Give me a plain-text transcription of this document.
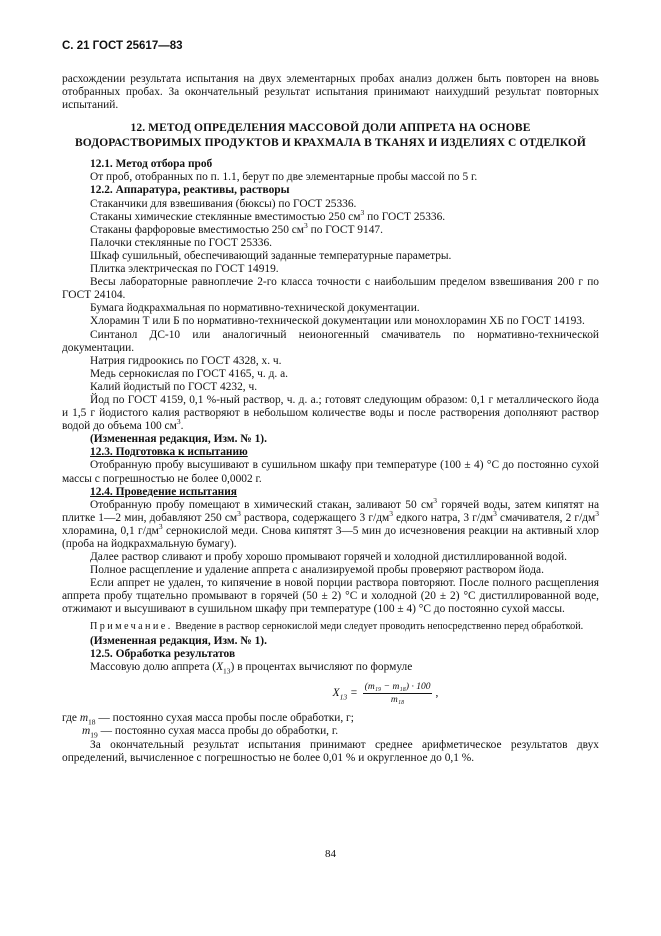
С. 21 ГОСТ 25617—83

расхождении результата испытания на двух элементарных пробах анализ должен быть повторен на вновь отобранных пробах. За окончательный результат испытания принимают наихудший результат повторных испытаний.

12. МЕТОД ОПРЕДЕЛЕНИЯ МАССОВОЙ ДОЛИ АППРЕТА НА ОСНОВЕ
ВОДОРАСТВОРИМЫХ ПРОДУКТОВ И КРАХМАЛА В ТКАНЯХ И ИЗДЕЛИЯХ С ОТДЕЛКОЙ

12.1. Метод отбора проб

От проб, отобранных по п. 1.1, берут по две элементарные пробы массой по 5 г.

12.2. Аппаратура, реактивы, растворы

Стаканчики для взвешивания (бюксы) по ГОСТ 25336.

Стаканы химические стеклянные вместимостью 250 $см^3$ по ГОСТ 25336.

Стаканы фарфоровые вместимостью 250 $см^3$ по ГОСТ 9147.

Палочки стеклянные по ГОСТ 25336.

Шкаф сушильный, обеспечивающий заданные температурные параметры.

Плитка электрическая по ГОСТ 14919.

Весы лабораторные равноплечие 2-го класса точности с наибольшим пределом взвешивания 200 г по ГОСТ 24104.

Бумага йодкрахмальная по нормативно-технической документации.

Хлорамин Т или Б по нормативно-технической документации или монохлорамин ХБ по ГОСТ 14193.

Синтанол ДС-10 или аналогичный неионогенный смачиватель по нормативно-технической документации.

Натрия гидроокись по ГОСТ 4328, х. ч.

Медь сернокислая по ГОСТ 4165, ч. д. а.

Калий йодистый по ГОСТ 4232, ч.

Йод по ГОСТ 4159, 0,1 %-ный раствор, ч. д. а.; готовят следующим образом: 0,1 г металлического йода и 1,5 г йодистого калия растворяют в небольшом количестве воды и после растворения дополняют раствор водой до объема 100 $см^3$.

(Измененная редакция, Изм. № 1).

12.3. Подготовка к испытанию

Отобранную пробу высушивают в сушильном шкафу при температуре (100 ± 4) °С до постоянно сухой массы с погрешностью не более 0,0002 г.

12.4. Проведение испытания

Отобранную пробу помещают в химический стакан, заливают 50 $см^3$ горячей воды, затем кипятят на плитке 1—2 мин, добавляют 250 $см^3$ раствора, содержащего 3 $г/дм^3$ едкого натра, 3 $г/дм^3$ смачивателя, 2 $г/дм^3$ хлорамина, 0,1 $г/дм^3$ сернокислой меди. Снова кипятят 3—5 мин до исчезновения реакции на активный хлор (проба на йодкрахмальную бумагу).

Далее раствор сливают и пробу хорошо промывают горячей и холодной дистиллированной водой.

Полное расщепление и удаление аппрета с анализируемой пробы проверяют раствором йода.

Если аппрет не удален, то кипячение в новой порции раствора повторяют. После полного расщепления аппрета пробу тщательно промывают в горячей (50 ± 2) °С и холодной (20 ± 2) °С дистиллированной воде, отжимают и высушивают в сушильном шкафу при температуре (100 ± 4) °С до постоянно сухой массы.

Примечание. Введение в раствор сернокислой меди следует проводить непосредственно перед обработкой.

(Измененная редакция, Изм. № 1).

12.5. Обработка результатов

Массовую долю аппрета $(X_{13})$ в процентах вычисляют по формуле

$X_{13} = \frac{\text{(m₁₉ − m₁₈) · 100}}{\text{m₁₈}}$ ,

где $m_{18}$ — постоянно сухая масса пробы после обработки, г;

$m_{19}$ — постоянно сухая масса пробы до обработки, г.

За окончательный результат испытания принимают среднее арифметическое результатов двух определений, вычисленное с погрешностью не более 0,01 % и округленное до 0,1 %.

84
